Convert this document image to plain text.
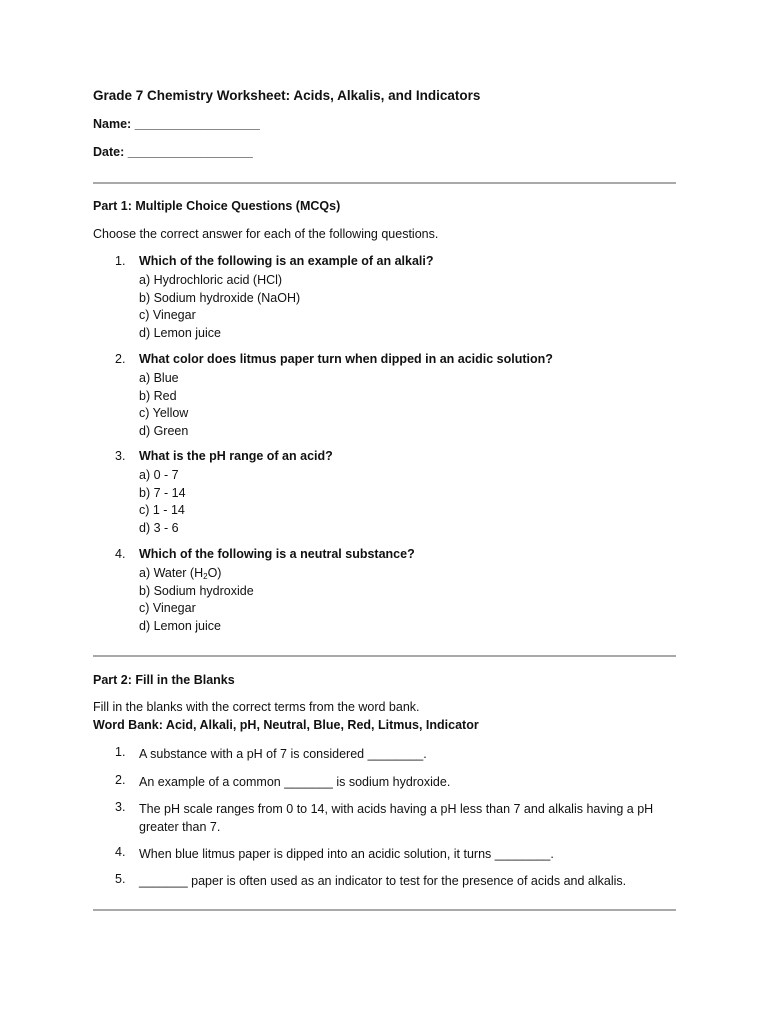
Grade 7 Chemistry Worksheet: Acids, Alkalis, and Indicators
Name: __________________
Date: __________________
Part 1: Multiple Choice Questions (MCQs)
Choose the correct answer for each of the following questions.
1. Which of the following is an example of an alkali?
a) Hydrochloric acid (HCl)
b) Sodium hydroxide (NaOH)
c) Vinegar
d) Lemon juice
2. What color does litmus paper turn when dipped in an acidic solution?
a) Blue
b) Red
c) Yellow
d) Green
3. What is the pH range of an acid?
a) 0 - 7
b) 7 - 14
c) 1 - 14
d) 3 - 6
4. Which of the following is a neutral substance?
a) Water $(H_2O)$
b) Sodium hydroxide
c) Vinegar
d) Lemon juice
Part 2: Fill in the Blanks
Fill in the blanks with the correct terms from the word bank.
Word Bank: Acid, Alkali, pH, Neutral, Blue, Red, Litmus, Indicator
1. A substance with a pH of 7 is considered ________.
2. An example of a common _______ is sodium hydroxide.
3. The pH scale ranges from 0 to 14, with acids having a pH less than 7 and alkalis having a pH greater than 7.
4. When blue litmus paper is dipped into an acidic solution, it turns ________.
5. _______ paper is often used as an indicator to test for the presence of acids and alkalis.
